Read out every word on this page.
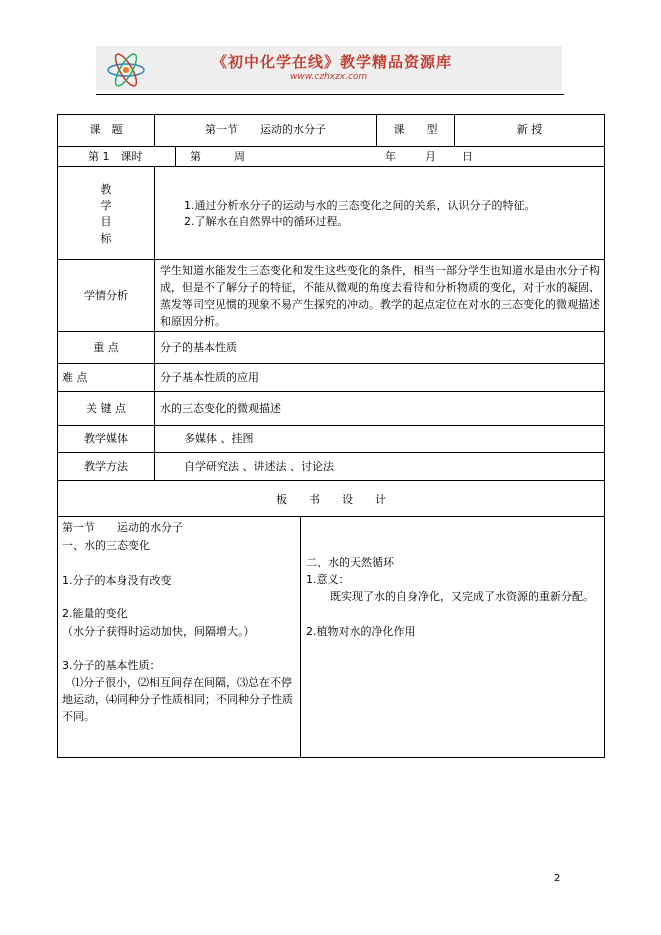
《初中化学在线》教学精品资源库
www.czhxzx.com
课　题	第一节　　运动的水分子	课　　型	新 授
第 1　课时	第　　　周	年	月 日
教
学
目
标
1.通过分析水分子的运动与水的三态变化之间的关系，认识分子的特征。
2.了解水在自然界中的循环过程。
学情分析
学生知道水能发生三态变化和发生这些变化的条件，相当一部分学生也知道水是由水分子构成，但是不了解分子的特征，不能从微观的角度去看待和分析物质的变化，对于水的凝固、蒸发等司空见惯的现象不易产生探究的冲动。教学的起点定位在对水的三态变化的微观描述和原因分析。
重 点	分子的基本性质
难 点	分子基本性质的应用
关 键 点	水的三态变化的微观描述
教学媒体	多媒体 、挂图
教学方法	自学研究法 、讲述法 、讨论法
板　　书　　设　　计
第一节　　运动的水分子
一、水的三态变化
1.分子的本身没有改变
2.能量的变化
（水分子获得时运动加快，间隔增大。）
3.分子的基本性质：
⑴分子很小，⑵相互间存在间隔，⑶总在不停地运动，⑷同种分子性质相同；不同种分子性质不同。
二、水的天然循环
1.意义：
既实现了水的自身净化，又完成了水资源的重新分配。
2.植物对水的净化作用
2
